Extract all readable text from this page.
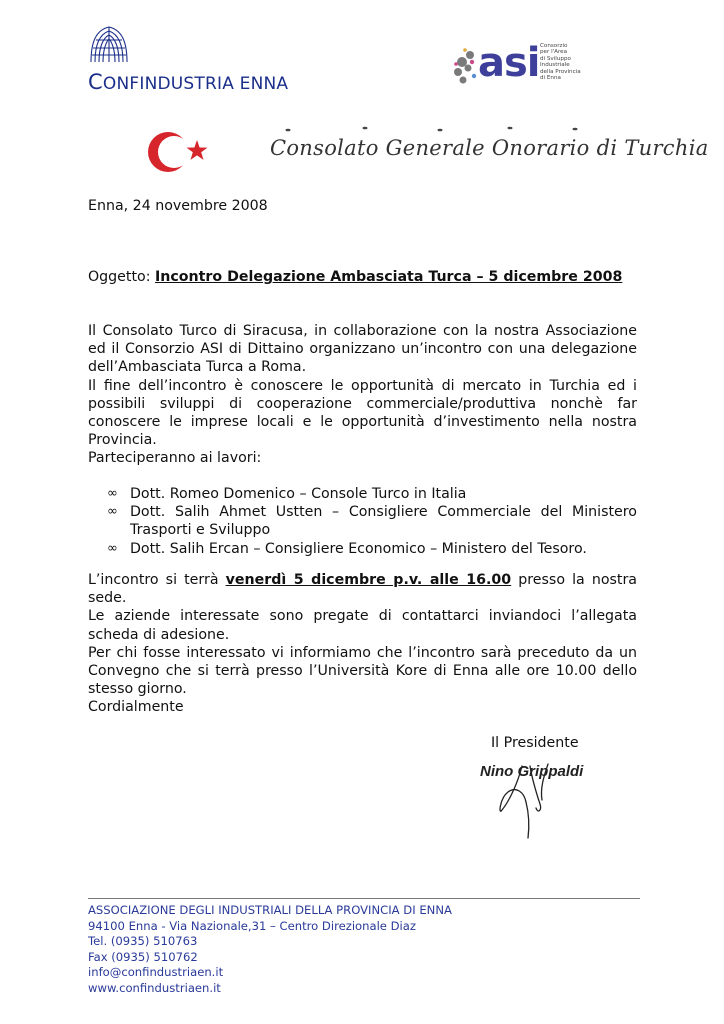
CONFINDUSTRIA ENNA	asi Consorzio
per l'Area
di Sviluppo
Industriale
della Provincia
di Enna
Consolato Generale Onorario di Turchia
Enna, 24 novembre 2008
Oggetto: Incontro Delegazione Ambasciata Turca – 5 dicembre 2008

Il Consolato Turco di Siracusa, in collaborazione con la nostra Associazione ed il Consorzio ASI di Dittaino organizzano un’incontro con una delegazione dell’Ambasciata Turca a Roma.

Il fine dell’incontro è conoscere le opportunità di mercato in Turchia ed i possibili sviluppi di cooperazione commerciale/produttiva nonchè far conoscere le imprese locali e le opportunità d’investimento nella nostra Provincia.

Parteciperanno ai lavori:

∞ Dott. Romeo Domenico – Console Turco in Italia
∞ Dott. Salih Ahmet Ustten – Consigliere Commerciale del Ministero Trasporti e Sviluppo
∞ Dott. Salih Ercan – Consigliere Economico – Ministero del Tesoro.

L’incontro si terrà venerdì 5 dicembre p.v. alle 16.00 presso la nostra sede.

Le aziende interessate sono pregate di contattarci inviandoci l’allegata scheda di adesione.

Per chi fosse interessato vi informiamo che l’incontro sarà preceduto da un Convegno che si terrà presso l’Università Kore di Enna alle ore 10.00 dello stesso giorno.

Cordialmente

Il Presidente
Nino Grippaldi
ASSOCIAZIONE DEGLI INDUSTRIALI DELLA PROVINCIA DI ENNA
94100 Enna - Via Nazionale,31 – Centro Direzionale Diaz
Tel. (0935) 510763
Fax (0935) 510762
info@confindustriaen.it
www.confindustriaen.it
